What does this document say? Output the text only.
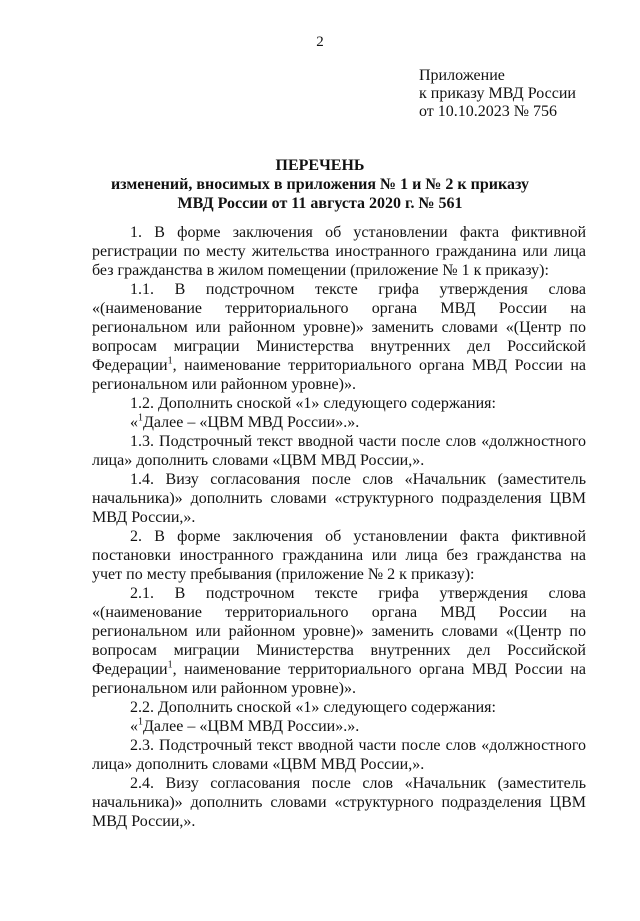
2
Приложение
к приказу МВД России
от 10.10.2023 № 756
ПЕРЕЧЕНЬ
изменений, вносимых в приложения № 1 и № 2 к приказу
МВД России от 11 августа 2020 г. № 561

1. В форме заключения об установлении факта фиктивной регистрации по месту жительства иностранного гражданина или лица без гражданства в жилом помещении (приложение № 1 к приказу):

1.1. В подстрочном тексте грифа утверждения слова «(наименование территориального органа МВД России на региональном или районном уровне)» заменить словами «(Центр по вопросам миграции Министерства внутренних дел Российской Федерации$^1$, наименование территориального органа МВД России на региональном или районном уровне)».

1.2. Дополнить сноской «1» следующего содержания:

«$^1$Далее – «ЦВМ МВД России».».

1.3. Подстрочный текст вводной части после слов «должностного лица» дополнить словами «ЦВМ МВД России,».

1.4. Визу согласования после слов «Начальник (заместитель начальника)» дополнить словами «структурного подразделения ЦВМ МВД России,».

2. В форме заключения об установлении факта фиктивной постановки иностранного гражданина или лица без гражданства на учет по месту пребывания (приложение № 2 к приказу):

2.1. В подстрочном тексте грифа утверждения слова «(наименование территориального органа МВД России на региональном или районном уровне)» заменить словами «(Центр по вопросам миграции Министерства внутренних дел Российской Федерации$^1$, наименование территориального органа МВД России на региональном или районном уровне)».

2.2. Дополнить сноской «1» следующего содержания:

«$^1$Далее – «ЦВМ МВД России».».

2.3. Подстрочный текст вводной части после слов «должностного лица» дополнить словами «ЦВМ МВД России,».

2.4. Визу согласования после слов «Начальник (заместитель начальника)» дополнить словами «структурного подразделения ЦВМ МВД России,».
